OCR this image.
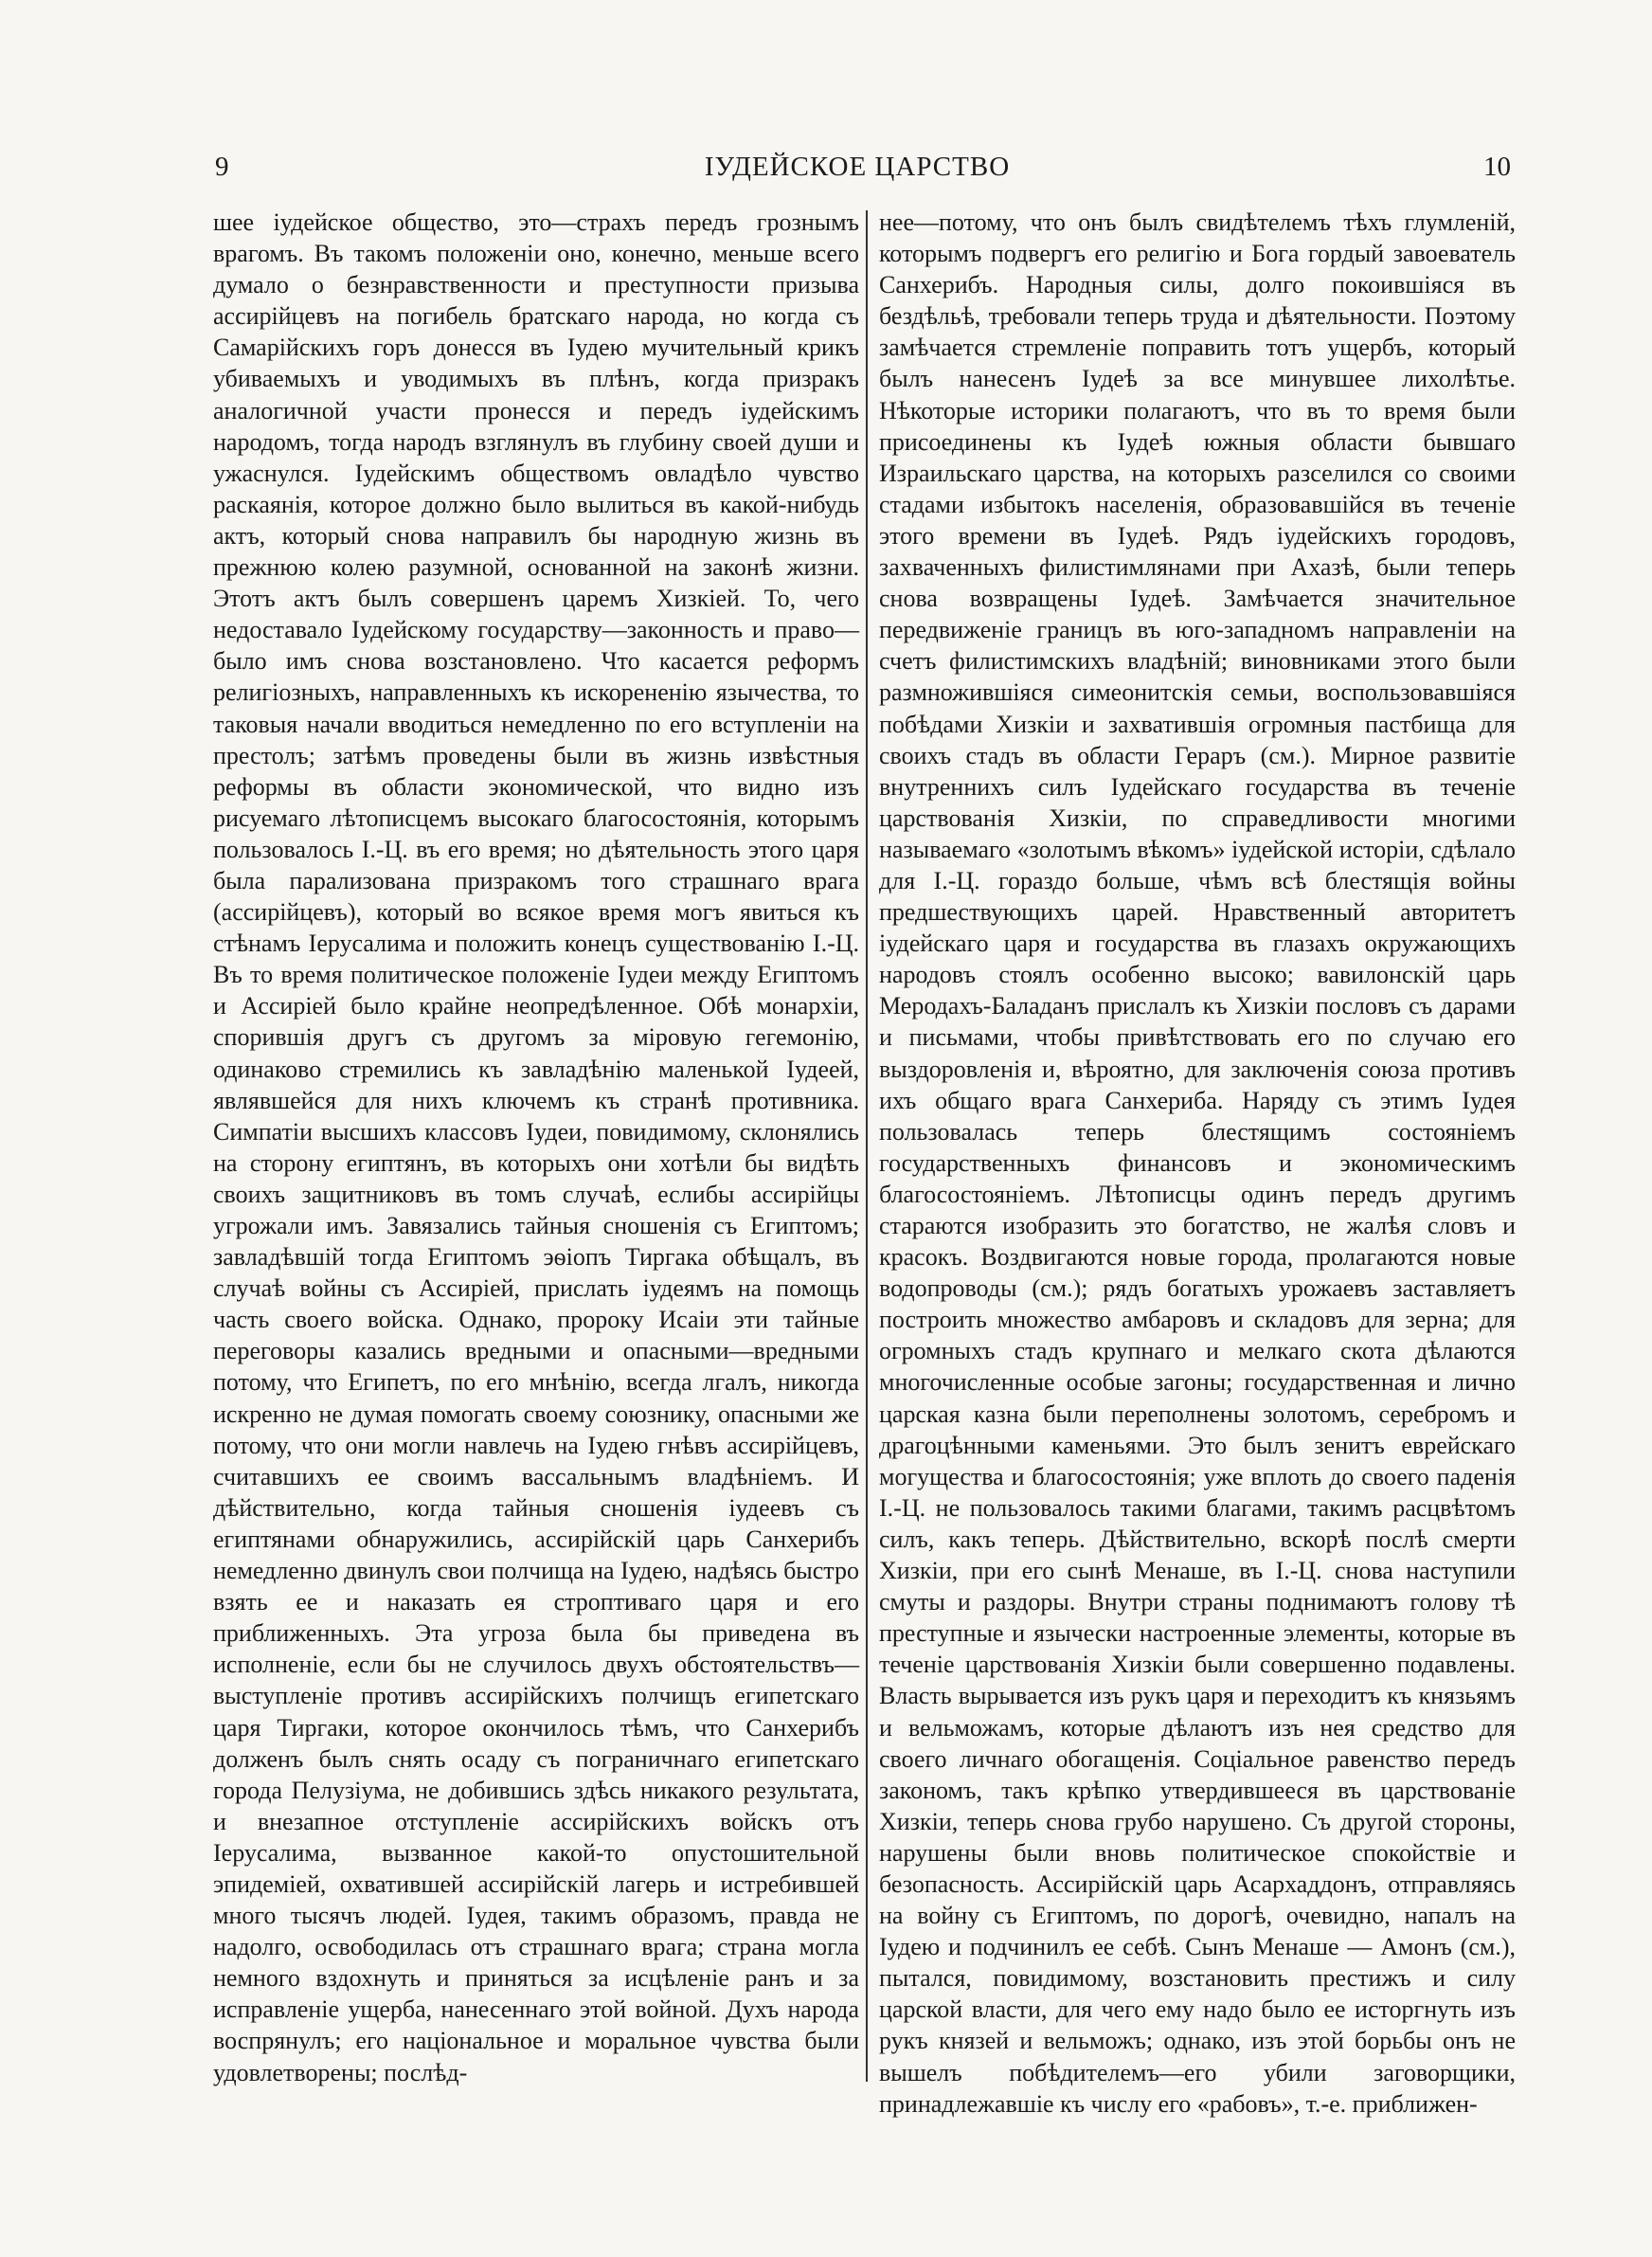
9	ІУДЕЙСКОЕ ЦАРСТВО	10
шее іудейское общество, это—страхъ передъ грознымъ врагомъ. Въ такомъ положеніи оно, конечно, меньше всего думало о безнравственности и преступности призыва ассирійцевъ на погибель братскаго народа, но когда съ Самарійскихъ горъ донесся въ Іудею мучительный крикъ убиваемыхъ и уводимыхъ въ плѣнъ, когда призракъ аналогичной участи пронесся и передъ іудейскимъ народомъ, тогда народъ взглянулъ въ глубину своей души и ужаснулся. Іудейскимъ обществомъ овладѣло чувство раскаянія, которое должно было вылиться въ какой-нибудь актъ, который снова направилъ бы народную жизнь въ прежнюю колею разумной, основанной на законѣ жизни. Этотъ актъ былъ совершенъ царемъ Хизкіей. То, чего недоставало Іудейскому государству—законность и право—было имъ снова возстановлено. Что касается реформъ религіозныхъ, направленныхъ къ искорененію язычества, то таковыя начали вводиться немедленно по его вступленіи на престолъ; затѣмъ проведены были въ жизнь извѣстныя реформы въ области экономической, что видно изъ рисуемаго лѣтописцемъ высокаго благосостоянія, которымъ пользовалось І.-Ц. въ его время; но дѣятельность этого царя была парализована призракомъ того страшнаго врага (ассирійцевъ), который во всякое время могъ явиться къ стѣнамъ Іерусалима и положить конецъ существованію І.-Ц. Въ то время политическое положеніе Іудеи между Египтомъ и Ассиріей было крайне неопредѣленное. Обѣ монархіи, спорившія другъ съ другомъ за міровую гегемонію, одинаково стремились къ завладѣнію маленькой Іудеей, являвшейся для нихъ ключемъ къ странѣ противника. Симпатіи высшихъ классовъ Іудеи, повидимому, склонялись на сторону египтянъ, въ которыхъ они хотѣли бы видѣть своихъ защитниковъ въ томъ случаѣ, еслибы ассирійцы угрожали имъ. Завязались тайныя сношенія съ Египтомъ; завладѣвшій тогда Египтомъ эѳіопъ Тиргака обѣщалъ, въ случаѣ войны съ Ассиріей, прислать іудеямъ на помощь часть своего войска. Однако, пророку Исаіи эти тайные переговоры казались вредными и опасными—вредными потому, что Египетъ, по его мнѣнію, всегда лгалъ, никогда искренно не думая помогать своему союзнику, опасными же потому, что они могли навлечь на Іудею гнѣвъ ассирійцевъ, считавшихъ ее своимъ вассальнымъ владѣніемъ. И дѣйствительно, когда тайныя сношенія іудеевъ съ египтянами обнаружились, ассирійскій царь Санхерибъ немедленно двинулъ свои полчища на Іудею, надѣясь быстро взять ее и наказать ея строптиваго царя и его приближенныхъ. Эта угроза была бы приведена въ исполненіе, если бы не случилось двухъ обстоятельствъ—выступленіе противъ ассирійскихъ полчищъ египетскаго царя Тиргаки, которое окончилось тѣмъ, что Санхерибъ долженъ былъ снять осаду съ пограничнаго египетскаго города Пелузіума, не добившись здѣсь никакого результата, и внезапное отступленіе ассирійскихъ войскъ отъ Іерусалима, вызванное какой-то опустошительной эпидеміей, охватившей ассирійскій лагерь и истребившей много тысячъ людей. Іудея, такимъ образомъ, правда не надолго, освободилась отъ страшнаго врага; страна могла немного вздохнуть и приняться за исцѣленіе ранъ и за исправленіе ущерба, нанесеннаго этой войной. Духъ народа воспрянулъ; его національное и моральное чувства были удовлетворены; послѣд-
нее—потому, что онъ былъ свидѣтелемъ тѣхъ глумленій, которымъ подвергъ его религію и Бога гордый завоеватель Санхерибъ. Народныя силы, долго покоившіяся въ бездѣльѣ, требовали теперь труда и дѣятельности. Поэтому замѣчается стремленіе поправить тотъ ущербъ, который былъ нанесенъ Іудеѣ за все минувшее лихолѣтье. Нѣкоторые историки полагаютъ, что въ то время были присоединены къ Іудеѣ южныя области бывшаго Израильскаго царства, на которыхъ разселился со своими стадами избытокъ населенія, образовавшійся въ теченіе этого времени въ Іудеѣ. Рядъ іудейскихъ городовъ, захваченныхъ филистимлянами при Ахазѣ, были теперь снова возвращены Іудеѣ. Замѣчается значительное передвиженіе границъ въ юго-западномъ направленіи на счетъ филистимскихъ владѣній; виновниками этого были размножившіяся симеонитскія семьи, воспользовавшіяся побѣдами Хизкіи и захватившія огромныя пастбища для своихъ стадъ въ области Гераръ (см.). Мирное развитіе внутреннихъ силъ Іудейскаго государства въ теченіе царствованія Хизкіи, по справедливости многими называемаго «золотымъ вѣкомъ» іудейской исторіи, сдѣлало для І.-Ц. гораздо больше, чѣмъ всѣ блестящія войны предшествующихъ царей. Нравственный авторитетъ іудейскаго царя и государства въ глазахъ окружающихъ народовъ стоялъ особенно высоко; вавилонскій царь Меродахъ-Баладанъ прислалъ къ Хизкіи пословъ съ дарами и письмами, чтобы привѣтствовать его по случаю его выздоровленія и, вѣроятно, для заключенія союза противъ ихъ общаго врага Санхериба. Наряду съ этимъ Іудея пользовалась теперь блестящимъ состояніемъ государственныхъ финансовъ и экономическимъ благосостояніемъ. Лѣтописцы одинъ передъ другимъ стараются изобразить это богатство, не жалѣя словъ и красокъ. Воздвигаются новые города, пролагаются новые водопроводы (см.); рядъ богатыхъ урожаевъ заставляетъ построить множество амбаровъ и складовъ для зерна; для огромныхъ стадъ крупнаго и мелкаго скота дѣлаются многочисленные особые загоны; государственная и лично царская казна были переполнены золотомъ, серебромъ и драгоцѣнными каменьями. Это былъ зенитъ еврейскаго могущества и благосостоянія; уже вплоть до своего паденія І.-Ц. не пользовалось такими благами, такимъ расцвѣтомъ силъ, какъ теперь. Дѣйствительно, вскорѣ послѣ смерти Хизкіи, при его сынѣ Менаше, въ І.-Ц. снова наступили смуты и раздоры. Внутри страны поднимаютъ голову тѣ преступные и язычески настроенные элементы, которые въ теченіе царствованія Хизкіи были совершенно подавлены. Власть вырывается изъ рукъ царя и переходитъ къ князьямъ и вельможамъ, которые дѣлаютъ изъ нея средство для своего личнаго обогащенія. Соціальное равенство передъ закономъ, такъ крѣпко утвердившееся въ царствованіе Хизкіи, теперь снова грубо нарушено. Съ другой стороны, нарушены были вновь политическое спокойствіе и безопасность. Ассирійскій царь Асархаддонъ, отправляясь на войну съ Египтомъ, по дорогѣ, очевидно, напалъ на Іудею и подчинилъ ее себѣ. Сынъ Менаше — Амонъ (см.), пытался, повидимому, возстановить престижъ и силу царской власти, для чего ему надо было ее исторгнуть изъ рукъ князей и вельможъ; однако, изъ этой борьбы онъ не вышелъ побѣдителемъ—его убили заговорщики, принадлежавшіе къ числу его «рабовъ», т.-е. приближен-
